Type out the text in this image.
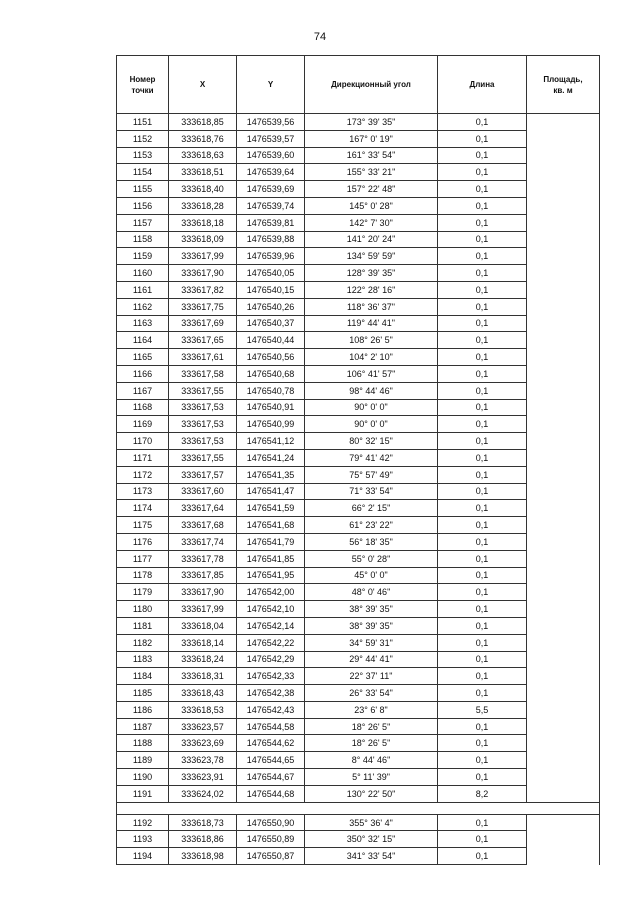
74
Номер
точки	X	Y	Дирекционный угол	Длина	Площадь,
кв. м

1151	333618,85	1476539,56	173° 39' 35"	0,1	
1152	333618,76	1476539,57	167° 0' 19"	0,1	
1153	333618,63	1476539,60	161° 33' 54"	0,1	
1154	333618,51	1476539,64	155° 33' 21"	0,1	
1155	333618,40	1476539,69	157° 22' 48"	0,1	
1156	333618,28	1476539,74	145° 0' 28"	0,1	
1157	333618,18	1476539,81	142° 7' 30"	0,1	
1158	333618,09	1476539,88	141° 20' 24"	0,1	
1159	333617,99	1476539,96	134° 59' 59"	0,1	
1160	333617,90	1476540,05	128° 39' 35"	0,1	
1161	333617,82	1476540,15	122° 28' 16"	0,1	
1162	333617,75	1476540,26	118° 36' 37"	0,1	
1163	333617,69	1476540,37	119° 44' 41"	0,1	
1164	333617,65	1476540,44	108° 26' 5"	0,1	
1165	333617,61	1476540,56	104° 2' 10"	0,1	
1166	333617,58	1476540,68	106° 41' 57"	0,1	
1167	333617,55	1476540,78	98° 44' 46"	0,1	
1168	333617,53	1476540,91	90° 0' 0"	0,1	
1169	333617,53	1476540,99	90° 0' 0"	0,1	
1170	333617,53	1476541,12	80° 32' 15"	0,1	
1171	333617,55	1476541,24	79° 41' 42"	0,1	
1172	333617,57	1476541,35	75° 57' 49"	0,1	
1173	333617,60	1476541,47	71° 33' 54"	0,1	
1174	333617,64	1476541,59	66° 2' 15"	0,1	
1175	333617,68	1476541,68	61° 23' 22"	0,1	
1176	333617,74	1476541,79	56° 18' 35"	0,1	
1177	333617,78	1476541,85	55° 0' 28"	0,1	
1178	333617,85	1476541,95	45° 0' 0"	0,1	
1179	333617,90	1476542,00	48° 0' 46"	0,1	
1180	333617,99	1476542,10	38° 39' 35"	0,1	
1181	333618,04	1476542,14	38° 39' 35"	0,1	
1182	333618,14	1476542,22	34° 59' 31"	0,1	
1183	333618,24	1476542,29	29° 44' 41"	0,1	
1184	333618,31	1476542,33	22° 37' 11"	0,1	
1185	333618,43	1476542,38	26° 33' 54"	0,1	
1186	333618,53	1476542,43	23° 6' 8"	5,5	
1187	333623,57	1476544,58	18° 26' 5"	0,1	
1188	333623,69	1476544,62	18° 26' 5"	0,1	
1189	333623,78	1476544,65	8° 44' 46"	0,1	
1190	333623,91	1476544,67	5° 11' 39"	0,1	
1191	333624,02	1476544,68	130° 22' 50"	8,2	

1192	333618,73	1476550,90	355° 36' 4"	0,1	
1193	333618,86	1476550,89	350° 32' 15"	0,1	
1194	333618,98	1476550,87	341° 33' 54"	0,1	
